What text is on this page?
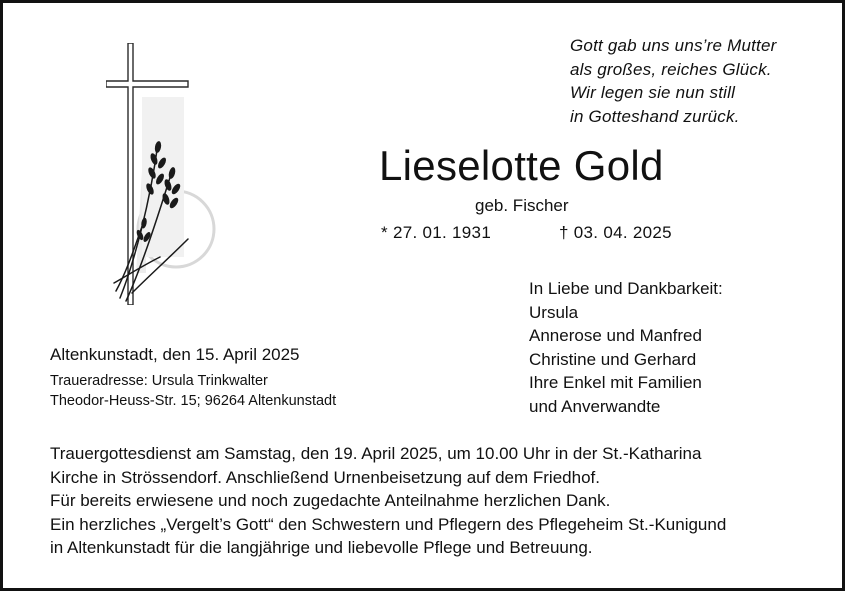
Gott gab uns uns’re Mutter
als großes, reiches Glück.
Wir legen sie nun still
in Gotteshand zurück.
Lieselotte Gold
geb. Fischer
* 27. 01. 1931	† 03. 04. 2025
In Liebe und Dankbarkeit:
Ursula
Annerose und Manfred
Christine und Gerhard
Ihre Enkel mit Familien
und Anverwandte
Altenkunstadt, den 15. April 2025
Traueradresse: Ursula Trinkwalter
Theodor-Heuss-Str. 15; 96264 Altenkunstadt
Trauergottesdienst am Samstag, den 19. April 2025, um 10.00 Uhr in der St.-Katharina
Kirche in Strössendorf. Anschließend Urnenbeisetzung auf dem Friedhof.
Für bereits erwiesene und noch zugedachte Anteilnahme herzlichen Dank.
Ein herzliches „Vergelt’s Gott“ den Schwestern und Pflegern des Pflegeheim St.-Kunigund
in Altenkunstadt für die langjährige und liebevolle Pflege und Betreuung.
